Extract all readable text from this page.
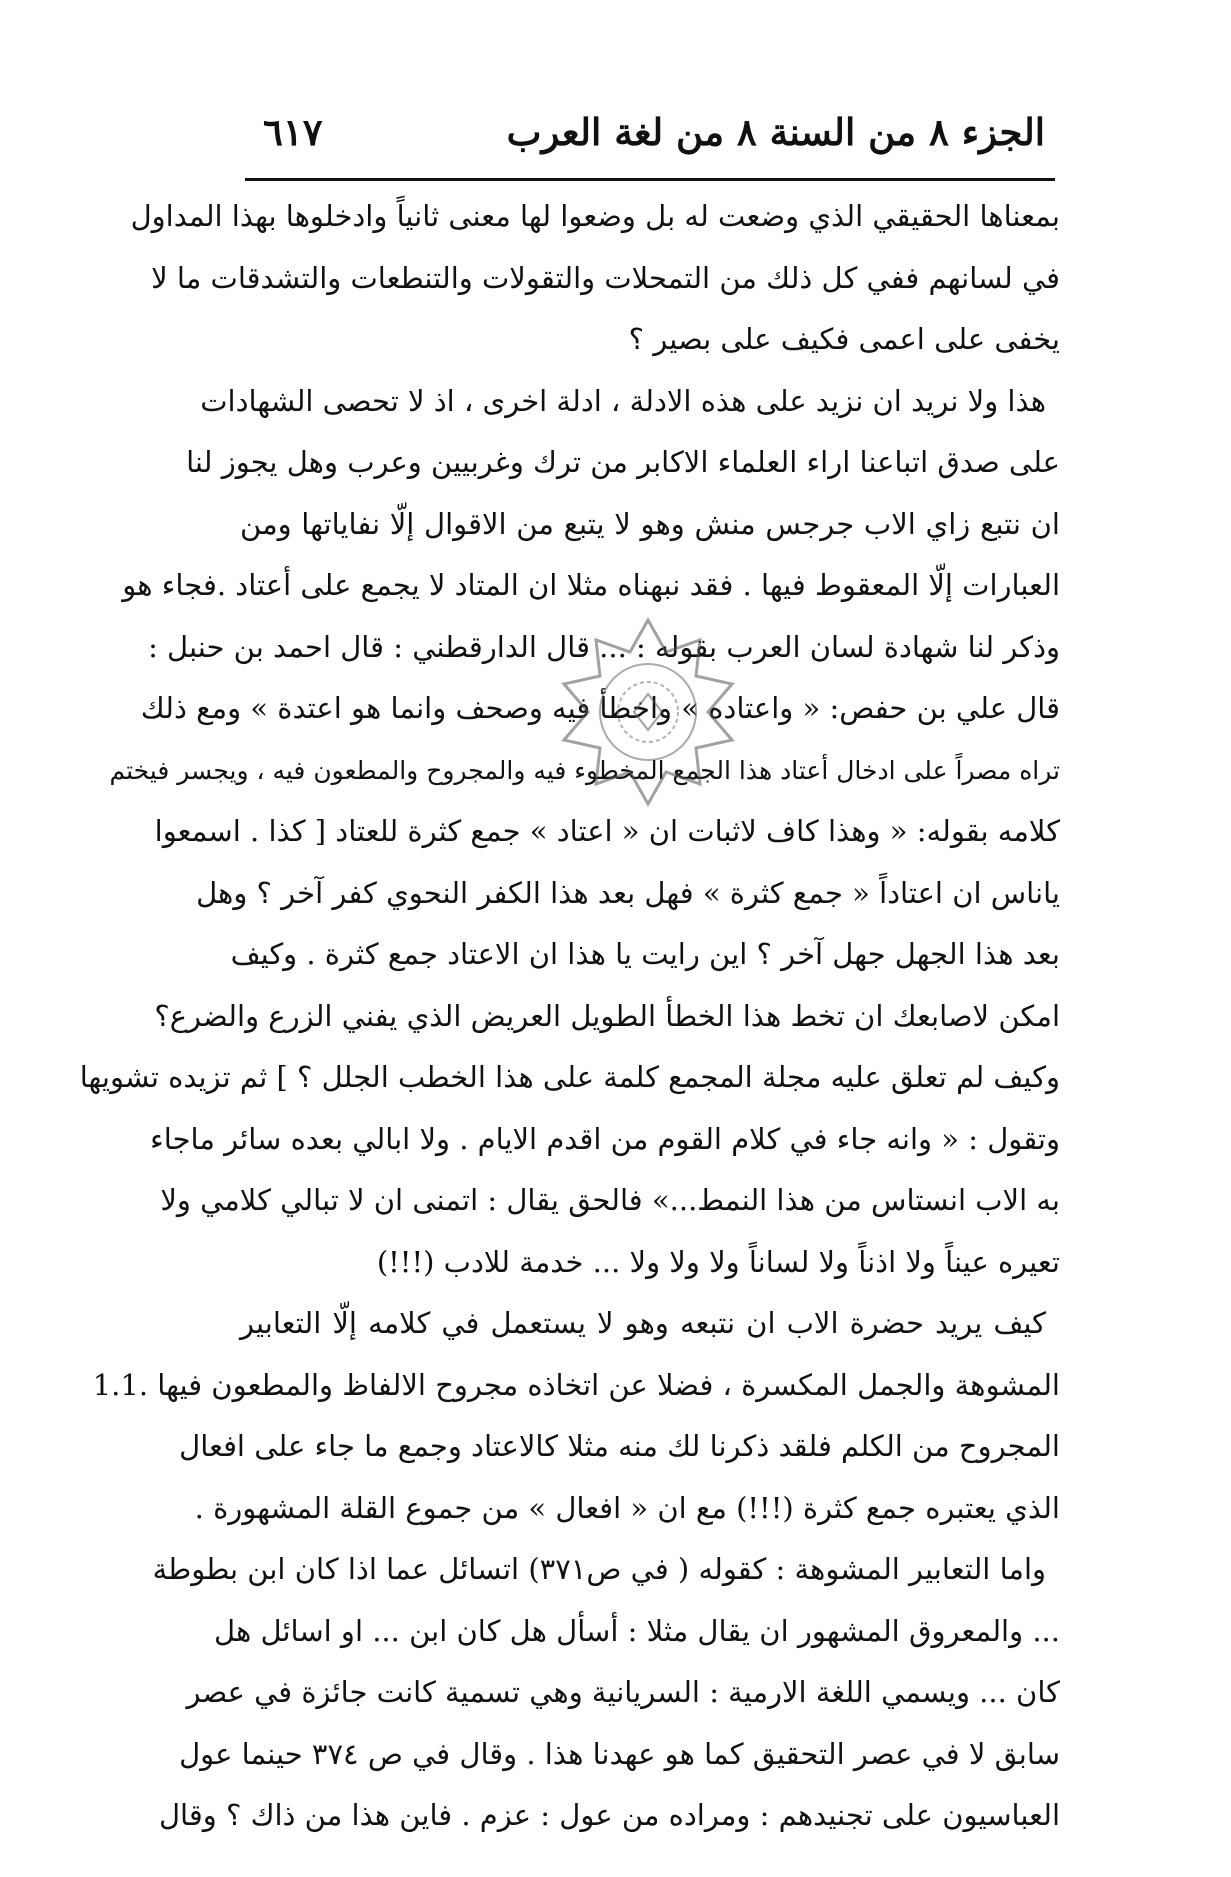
الجزء ٨ من السنة ٨ من لغة العرب
٦١٧
بمعناها الحقيقي الذي وضعت له بل وضعوا لها معنى ثانياً وادخلوها بهذا المداول
في لسانهم ففي كل ذلك من التمحلات والتقولات والتنطعات والتشدقات ما لا
يخفى على اعمى فكيف على بصير ؟
هذا ولا نريد ان نزيد على هذه الادلة ، ادلة اخرى ، اذ لا تحصى الشهادات
على صدق اتباعنا اراء العلماء الاكابر من ترك وغربيين وعرب وهل يجوز لنا
ان نتبع زاي الاب جرجس منش وهو لا يتبع من الاقوال إلّا نفاياتها ومن
العبارات إلّا المعقوط فيها . فقد نبهناه مثلا ان المتاد لا يجمع على أعتاد .فجاء هو
وذكر لنا شهادة لسان العرب بقوله : ... قال الدارقطني : قال احمد بن حنبل :
قال علي بن حفص: « واعتاده » واخطأ فيه وصحف وانما هو اعتدة » ومع ذلك
تراه مصراً على ادخال أعتاد هذا الجمع المخطوء فيه والمجروح والمطعون فيه ، ويجسر فيختم
كلامه بقوله: « وهذا كاف لاثبات ان « اعتاد » جمع كثرة للعتاد [ كذا . اسمعوا
ياناس ان اعتاداً « جمع كثرة » فهل بعد هذا الكفر النحوي كفر آخر ؟ وهل
بعد هذا الجهل جهل آخر ؟ اين رايت يا هذا ان الاعتاد جمع كثرة . وكيف
امكن لاصابعك ان تخط هذا الخطأ الطويل العريض الذي يفني الزرع والضرع؟
وكيف لم تعلق عليه مجلة المجمع كلمة على هذا الخطب الجلل ؟ ] ثم تزيده تشويها
وتقول : « وانه جاء في كلام القوم من اقدم الايام . ولا ابالي بعده سائر ماجاء
به الاب انستاس من هذا النمط...» فالحق يقال : اتمنى ان لا تبالي كلامي ولا
تعيره عيناً ولا اذناً ولا لساناً ولا ولا ولا ... خدمة للادب (!!!)
كيف يريد حضرة الاب ان نتبعه وهو لا يستعمل في كلامه إلّا التعابير
المشوهة والجمل المكسرة ، فضلا عن اتخاذه مجروح الالفاظ والمطعون فيها .1.1
المجروح من الكلم فلقد ذكرنا لك منه مثلا كالاعتاد وجمع ما جاء على افعال
الذي يعتبره جمع كثرة (!!!) مع ان « افعال » من جموع القلة المشهورة .
واما التعابير المشوهة : كقوله ( في ص٣٧١) اتسائل عما اذا كان ابن بطوطة
... والمعروق المشهور ان يقال مثلا : أسأل هل كان ابن ... او اسائل هل
كان ... ويسمي اللغة الارمية : السريانية وهي تسمية كانت جائزة في عصر
سابق لا في عصر التحقيق كما هو عهدنا هذا . وقال في ص ٣٧٤ حينما عول
العباسيون على تجنيدهم : ومراده من عول : عزم . فاين هذا من ذاك ؟ وقال
